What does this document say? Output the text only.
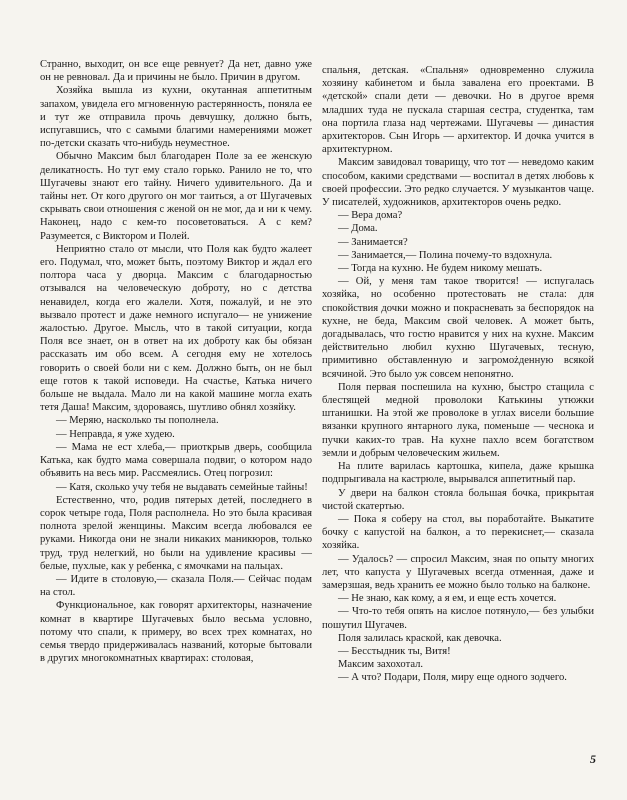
Странно, выходит, он все еще ревнует? Да нет, давно уже он не ревновал. Да и причины не было. Причин в другом.

Хозяйка вышла из кухни, окутанная аппетитным запахом, увидела его мгновенную растерянность, поняла ее и тут же отправила прочь девчушку, должно быть, испугавшись, что с самыми благими намерениями может по-детски сказать что-нибудь неуместное.

Обычно Максим был благодарен Поле за ее женскую деликатность. Но тут ему стало горько. Ранило не то, что Шугачевы знают его тайну. Ничего удивительного. Да и тайны нет. От кого другого он мог таиться, а от Шугачевых скрывать свои отношения с женой он не мог, да и ни к чему. Наконец, надо с кем-то посоветоваться. А с кем? Разумеется, с Виктором и Полей.

Неприятно стало от мысли, что Поля как будто жалеет его. Подумал, что, может быть, поэтому Виктор и ждал его полтора часа у дворца. Максим с благодарностью отзывался на человеческую доброту, но с детства ненавидел, когда его жалели. Хотя, пожалуй, и не это вызвало протест и даже немного испугало— не унижение жалостью. Другое. Мысль, что в такой ситуации, когда Поля все знает, он в ответ на их доброту как бы обязан рассказать им обо всем. А сегодня ему не хотелось говорить о своей боли ни с кем. Должно быть, он не был еще готов к такой исповеди. На счастье, Катька ничего больше не выдала. Мало ли на какой машине могла ехать тетя Даша! Максим, здороваясь, шутливо обнял хозяйку.

— Меряю, насколько ты пополнела.

— Неправда, я уже худею.

— Мама не ест хлеба,— приоткрыв дверь, сообщила Катька, как будто мама совершала подвиг, о котором надо объявить на весь мир. Рассмеялись. Отец погрозил:

— Катя, сколько учу тебя не выдавать семейные тайны!

Естественно, что, родив пятерых детей, последнего в сорок четыре года, Поля располнела. Но это была красивая полнота зрелой женщины. Максим всегда любовался ее руками. Никогда они не знали никаких маникюров, только труд, труд нелегкий, но были на удивление красивы — белые, пухлые, как у ребенка, с ямочками на пальцах.

— Идите в столовую,— сказала Поля.— Сейчас подам на стол.

Функциональное, как говорят архитекторы, назначение комнат в квартире Шугачевых было весьма условно, потому что спали, к примеру, во всех трех комнатах, но семья твердо придерживалась названий, которые бытовали в других многокомнатных квартирах: столовая,

спальня, детская. «Спальня» одновременно служила хозяину кабинетом и была завалена его проектами. В «детской» спали дети — девочки. Но в другое время младших туда не пускала старшая сестра, студентка, там она портила глаза над чертежами. Шугачевы — династия архитекторов. Сын Игорь — архитектор. И дочка учится в архитектурном.

Максим завидовал товарищу, что тот — неведомо каким способом, какими средствами — воспитал в детях любовь к своей профессии. Это редко случается. У музыкантов чаще. У писателей, художников, архитекторов очень редко.

— Вера дома?

— Дома.

— Занимается?

— Занимается,— Полина почему-то вздохнула.

— Тогда на кухню. Не будем никому мешать.

— Ой, у меня там такое творится! — испугалась хозяйка, но особенно протестовать не стала: для спокойствия дочки можно и покрасневать за беспорядок на кухне, не беда, Максим свой человек. А может быть, догадывалась, что гостю нравится у них на кухне. Максим действительно любил кухню Шугачевых, тесную, примитивно обставленную и загромożденную всякой всячиной. Это было уж совсем непонятно.

Поля первая поспешила на кухню, быстро стащила с блестящей медной проволоки Катькины утюжки штанишки. На этой же проволоке в углах висели большие вязанки крупного янтарного лука, поменьше — чеснока и пучки каких-то трав. На кухне пахло всем богатством земли и добрым человеческим жильем.

На плите варилась картошка, кипела, даже крышка подпрыгивала на кастрюле, вырывался аппетитный пар.

У двери на балкон стояла большая бочка, прикрытая чистой скатертью.

— Пока я соберу на стол, вы поработайте. Выкатите бочку с капустой на балкон, а то перекиснет,— сказала хозяйка.

— Удалось? — спросил Максим, зная по опыту многих лет, что капуста у Шугачевых всегда отменная, даже и замерзшая, ведь хранить ее можно было только на балконе.

— Не знаю, как кому, а я ем, и еще есть хочется.

— Что-то тебя опять на кислое потянуло,— без улыбки пошутил Шугачев.

Поля залилась краской, как девочка.

— Бесстыдник ты, Витя!

Максим захохотал.

— А что? Подари, Поля, миру еще одного зодчего.

5
